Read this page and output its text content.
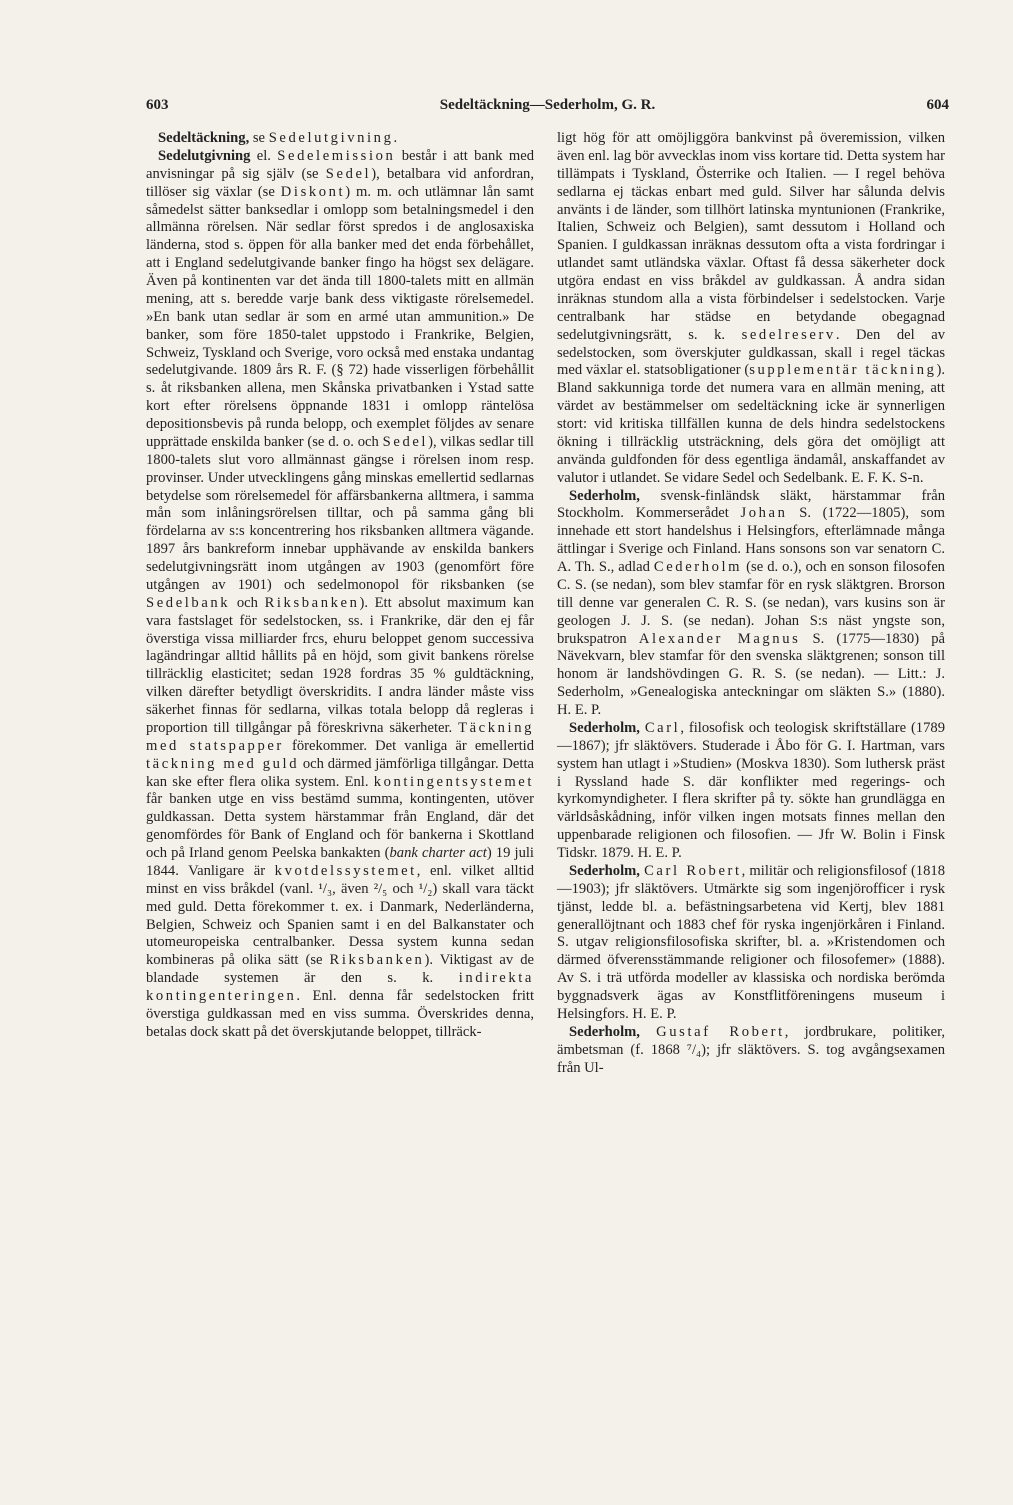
603	Sedeltäckning—Sederholm, G. R.	604

Sedeltäckning, se Sedelutgivning.

Sedelutgivning el. Sedelemission består i att bank med anvisningar på sig själv (se Sedel), betalbara vid anfordran, tillöser sig växlar (se Diskont) m. m. och utlämnar lån samt såmedelst sätter banksedlar i omlopp som betalningsmedel i den allmänna rörelsen. När sedlar först spredos i de anglosaxiska länderna, stod s. öppen för alla banker med det enda förbehållet, att i England sedelutgivande banker fingo ha högst sex delägare. Även på kontinenten var det ända till 1800-talets mitt en allmän mening, att s. beredde varje bank dess viktigaste rörelsemedel. »En bank utan sedlar är som en armé utan ammunition.» De banker, som före 1850-talet uppstodo i Frankrike, Belgien, Schweiz, Tyskland och Sverige, voro också med enstaka undantag sedelutgivande. 1809 års R. F. (§ 72) hade visserligen förbehållit s. åt riksbanken allena, men Skånska privatbanken i Ystad satte kort efter rörelsens öppnande 1831 i omlopp räntelösa depositionsbevis på runda belopp, och exemplet följdes av senare upprättade enskilda banker (se d. o. och Sedel), vilkas sedlar till 1800-talets slut voro allmännast gängse i rörelsen inom resp. provinser. Under utvecklingens gång minskas emellertid sedlarnas betydelse som rörelsemedel för affärsbankerna alltmera, i samma mån som inlåningsrörelsen tilltar, och på samma gång bli fördelarna av s:s koncentrering hos riksbanken alltmera vägande. 1897 års bankreform innebar upphävande av enskilda bankers sedelutgivningsrätt inom utgången av 1903 (genomfört före utgången av 1901) och sedelmonopol för riksbanken (se Sedelbank och Riksbanken). Ett absolut maximum kan vara fastslaget för sedelstocken, ss. i Frankrike, där den ej får överstiga vissa milliarder frcs, ehuru beloppet genom successiva lagändringar alltid hållits på en höjd, som givit bankens rörelse tillräcklig elasticitet; sedan 1928 fordras 35 % guldtäckning, vilken därefter betydligt överskridits. I andra länder måste viss säkerhet finnas för sedlarna, vilkas totala belopp då regleras i proportion till tillgångar på föreskrivna säkerheter. Täckning med statspapper förekommer. Det vanliga är emellertid täckning med guld och därmed jämförliga tillgångar. Detta kan ske efter flera olika system. Enl. kontingentsystemet får banken utge en viss bestämd summa, kontingenten, utöver guldkassan. Detta system härstammar från England, där det genomfördes för Bank of England och för bankerna i Skottland och på Irland genom Peelska bankakten (bank charter act) 19 juli 1844. Vanligare är kvotdelssystemet, enl. vilket alltid minst en viss bråkdel (vanl. ¹/₃, även ²/₅ och ¹/₂) skall vara täckt med guld. Detta förekommer t. ex. i Danmark, Nederländerna, Belgien, Schweiz och Spanien samt i en del Balkanstater och utomeuropeiska centralbanker. Dessa system kunna sedan kombineras på olika sätt (se Riksbanken). Viktigast av de blandade systemen är den s. k. indirekta kontingenteringen. Enl. denna får sedelstocken fritt överstiga guldkassan med en viss summa. Överskrides denna, betalas dock skatt på det överskjutande beloppet, tillräck-

ligt hög för att omöjliggöra bankvinst på överemission, vilken även enl. lag bör avvecklas inom viss kortare tid. Detta system har tillämpats i Tyskland, Österrike och Italien. — I regel behöva sedlarna ej täckas enbart med guld. Silver har sålunda delvis använts i de länder, som tillhört latinska myntunionen (Frankrike, Italien, Schweiz och Belgien), samt dessutom i Holland och Spanien. I guldkassan inräknas dessutom ofta a vista fordringar i utlandet samt utländska växlar. Oftast få dessa säkerheter dock utgöra endast en viss bråkdel av guldkassan. Å andra sidan inräknas stundom alla a vista förbindelser i sedelstocken. Varje centralbank har städse en betydande obegagnad sedelutgivningsrätt, s. k. sedelreserv. Den del av sedelstocken, som överskjuter guldkassan, skall i regel täckas med växlar el. statsobligationer (supplementär täckning). Bland sakkunniga torde det numera vara en allmän mening, att värdet av bestämmelser om sedeltäckning icke är synnerligen stort: vid kritiska tillfällen kunna de dels hindra sedelstockens ökning i tillräcklig utsträckning, dels göra det omöjligt att använda guldfonden för dess egentliga ändamål, anskaffandet av valutor i utlandet. Se vidare Sedel och Sedelbank. E. F. K. S-n.

Sederholm, svensk-finländsk släkt, härstammar från Stockholm. Kommerserådet Johan S. (1722—1805), som innehade ett stort handelshus i Helsingfors, efterlämnade många ättlingar i Sverige och Finland. Hans sonsons son var senatorn C. A. Th. S., adlad Cederholm (se d. o.), och en sonson filosofen C. S. (se nedan), som blev stamfar för en rysk släktgren. Brorson till denne var generalen C. R. S. (se nedan), vars kusins son är geologen J. J. S. (se nedan). Johan S:s näst yngste son, brukspatron Alexander Magnus S. (1775—1830) på Nävekvarn, blev stamfar för den svenska släktgrenen; sonson till honom är landshövdingen G. R. S. (se nedan). — Litt.: J. Sederholm, »Genealogiska anteckningar om släkten S.» (1880). H. E. P.

Sederholm, Carl, filosofisk och teologisk skriftställare (1789—1867); jfr släktövers. Studerade i Åbo för G. I. Hartman, vars system han utlagt i »Studien» (Moskva 1830). Som luthersk präst i Ryssland hade S. där konflikter med regerings- och kyrkomyndigheter. I flera skrifter på ty. sökte han grundlägga en världsåskådning, inför vilken ingen motsats finnes mellan den uppenbarade religionen och filosofien. — Jfr W. Bolin i Finsk Tidskr. 1879. H. E. P.

Sederholm, Carl Robert, militär och religionsfilosof (1818—1903); jfr släktövers. Utmärkte sig som ingenjörofficer i rysk tjänst, ledde bl. a. befästningsarbetena vid Kertj, blev 1881 generallöjtnant och 1883 chef för ryska ingenjörkåren i Finland. S. utgav religionsfilosofiska skrifter, bl. a. »Kristendomen och därmed öfverensstämmande religioner och filosofemer» (1888). Av S. i trä utförda modeller av klassiska och nordiska berömda byggnadsverk ägas av Konstflitföreningens museum i Helsingfors. H. E. P.

Sederholm, Gustaf Robert, jordbrukare, politiker, ämbetsman (f. 1868 ⁷/₄); jfr släktövers. S. tog avgångsexamen från Ul-
